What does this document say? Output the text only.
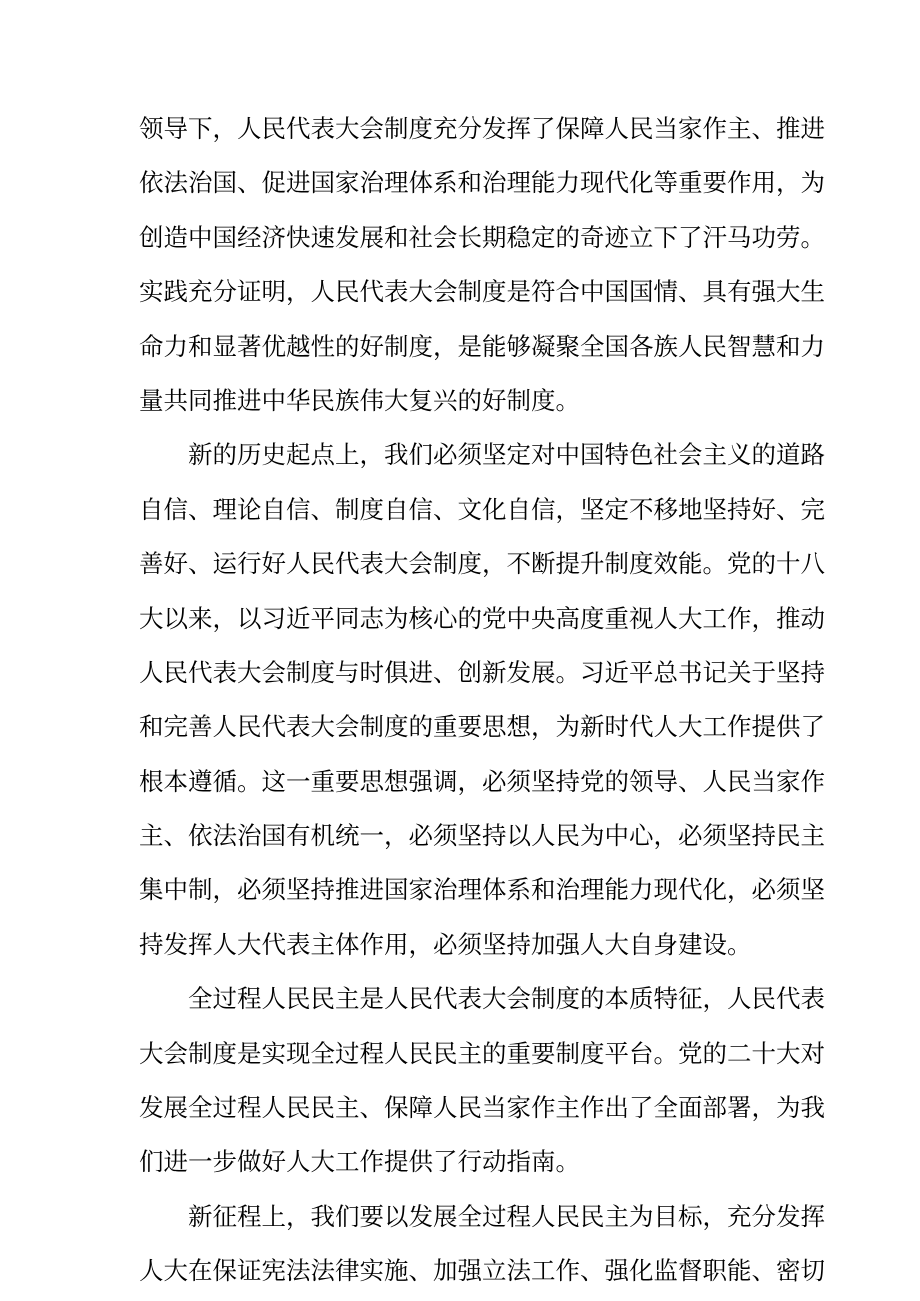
领导下，人民代表大会制度充分发挥了保障人民当家作主、推进
依法治国、促进国家治理体系和治理能力现代化等重要作用，为
创造中国经济快速发展和社会长期稳定的奇迹立下了汗马功劳。
实践充分证明，人民代表大会制度是符合中国国情、具有强大生
命力和显著优越性的好制度，是能够凝聚全国各族人民智慧和力
量共同推进中华民族伟大复兴的好制度。

新的历史起点上，我们必须坚定对中国特色社会主义的道路
自信、理论自信、制度自信、文化自信，坚定不移地坚持好、完
善好、运行好人民代表大会制度，不断提升制度效能。党的十八
大以来，以习近平同志为核心的党中央高度重视人大工作，推动
人民代表大会制度与时俱进、创新发展。习近平总书记关于坚持
和完善人民代表大会制度的重要思想，为新时代人大工作提供了
根本遵循。这一重要思想强调，必须坚持党的领导、人民当家作
主、依法治国有机统一，必须坚持以人民为中心，必须坚持民主
集中制，必须坚持推进国家治理体系和治理能力现代化，必须坚
持发挥人大代表主体作用，必须坚持加强人大自身建设。

全过程人民民主是人民代表大会制度的本质特征，人民代表
大会制度是实现全过程人民民主的重要制度平台。党的二十大对
发展全过程人民民主、保障人民当家作主作出了全面部署，为我
们进一步做好人大工作提供了行动指南。

新征程上，我们要以发展全过程人民民主为目标，充分发挥
人大在保证宪法法律实施、加强立法工作、强化监督职能、密切
